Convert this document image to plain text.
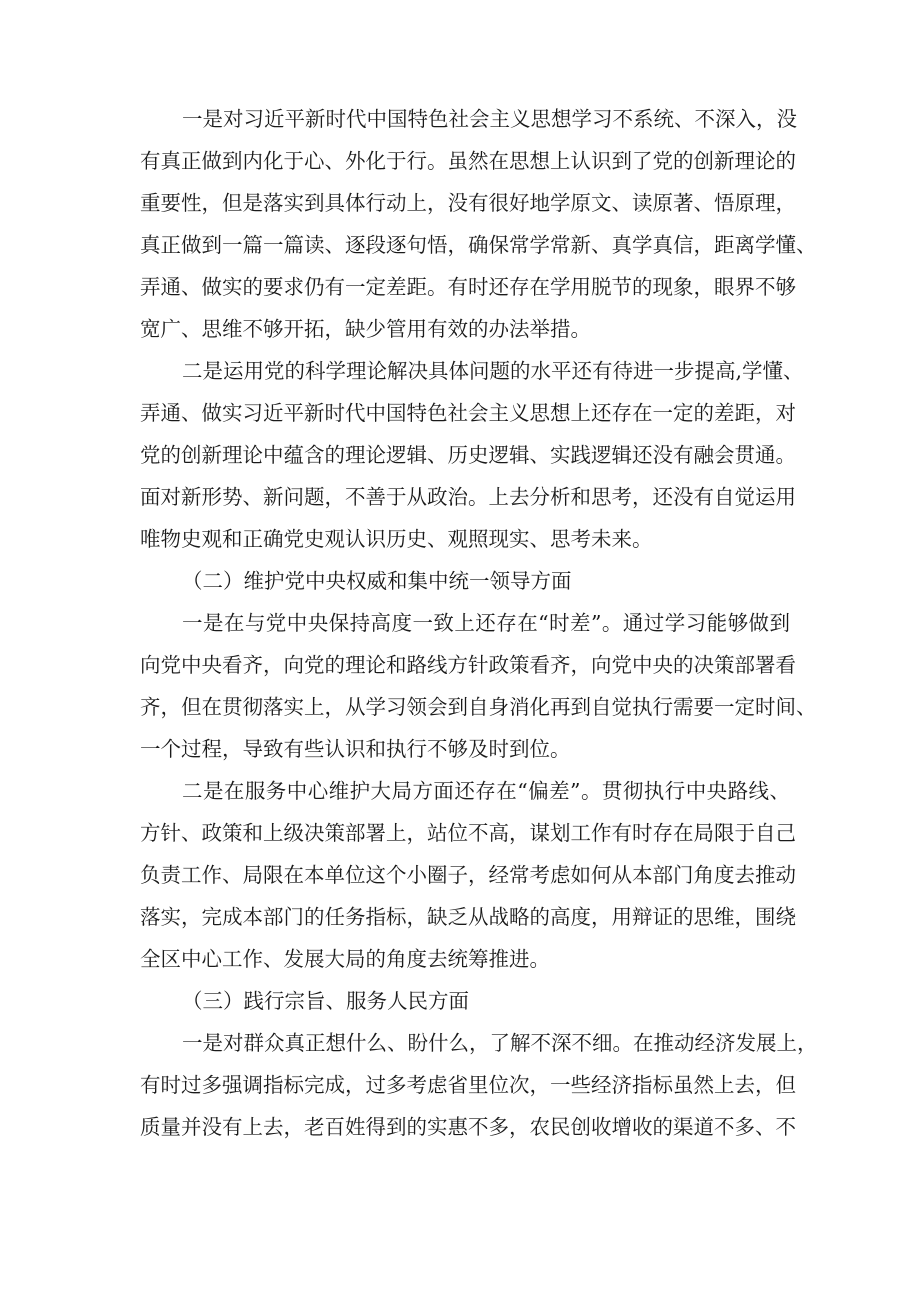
一是对习近平新时代中国特色社会主义思想学习不系统、不深入，没
有真正做到内化于心、外化于行。虽然在思想上认识到了党的创新理论的
重要性，但是落实到具体行动上，没有很好地学原文、读原著、悟原理，
真正做到一篇一篇读、逐段逐句悟，确保常学常新、真学真信，距离学懂、
弄通、做实的要求仍有一定差距。有时还存在学用脱节的现象，眼界不够
宽广、思维不够开拓，缺少管用有效的办法举措。
二是运用党的科学理论解决具体问题的水平还有待进一步提高,学懂、
弄通、做实习近平新时代中国特色社会主义思想上还存在一定的差距，对
党的创新理论中蕴含的理论逻辑、历史逻辑、实践逻辑还没有融会贯通。
面对新形势、新问题，不善于从政治。上去分析和思考，还没有自觉运用
唯物史观和正确党史观认识历史、观照现实、思考未来。
（二）维护党中央权威和集中统一领导方面
一是在与党中央保持高度一致上还存在“时差”。通过学习能够做到
向党中央看齐，向党的理论和路线方针政策看齐，向党中央的决策部署看
齐，但在贯彻落实上，从学习领会到自身消化再到自觉执行需要一定时间、
一个过程，导致有些认识和执行不够及时到位。
二是在服务中心维护大局方面还存在“偏差”。贯彻执行中央路线、
方针、政策和上级决策部署上，站位不高，谋划工作有时存在局限于自己
负责工作、局限在本单位这个小圈子，经常考虑如何从本部门角度去推动
落实，完成本部门的任务指标，缺乏从战略的高度，用辩证的思维，围绕
全区中心工作、发展大局的角度去统筹推进。
（三）践行宗旨、服务人民方面
一是对群众真正想什么、盼什么，了解不深不细。在推动经济发展上，
有时过多强调指标完成，过多考虑省里位次，一些经济指标虽然上去，但
质量并没有上去，老百姓得到的实惠不多，农民创收增收的渠道不多、不
